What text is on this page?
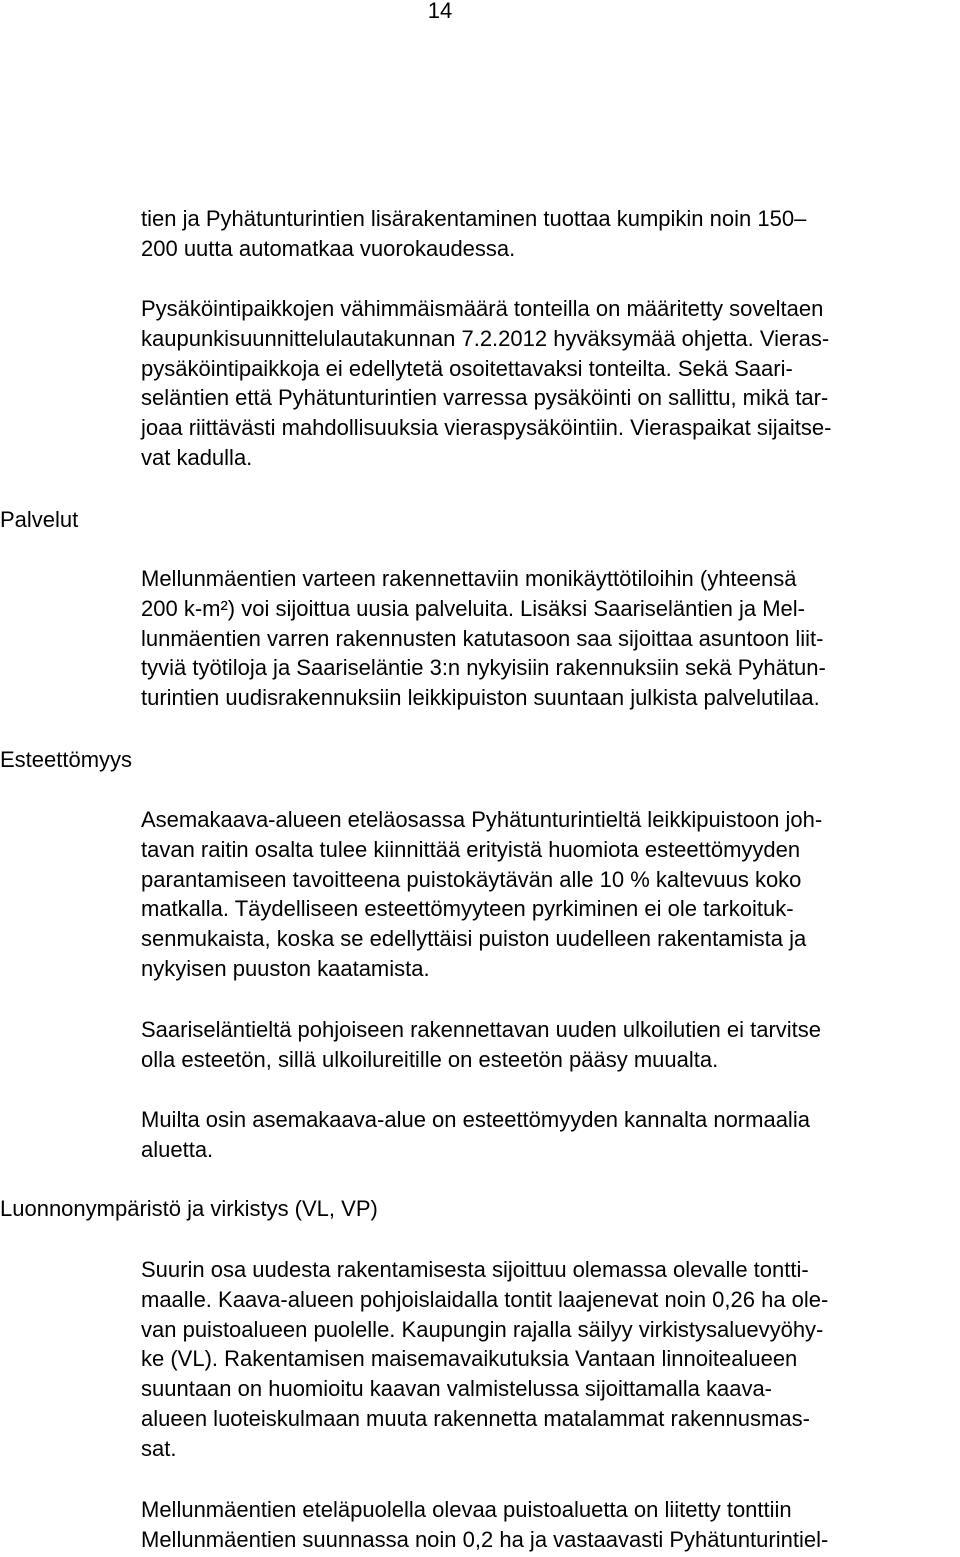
14
tien ja Pyhätunturintien lisärakentaminen tuottaa kumpikin noin 150–
200 uutta automatkaa vuorokaudessa.
Pysäköintipaikkojen vähimmäismäärä tonteilla on määritetty soveltaen
kaupunkisuunnittelulautakunnan 7.2.2012 hyväksymää ohjetta. Vieras-
pysäköintipaikkoja ei edellytetä osoitettavaksi tonteilta. Sekä Saari-
seläntien että Pyhätunturintien varressa pysäköinti on sallittu, mikä tar-
joaa riittävästi mahdollisuuksia vieraspysäköintiin. Vieraspaikat sijaitse-
vat kadulla.
Palvelut
Mellunmäentien varteen rakennettaviin monikäyttötiloihin (yhteensä
200 k-m²) voi sijoittua uusia palveluita. Lisäksi Saariseläntien ja Mel-
lunmäentien varren rakennusten katutasoon saa sijoittaa asuntoon liit-
tyviä työtiloja ja Saariseläntie 3:n nykyisiin rakennuksiin sekä Pyhätun-
turintien uudisrakennuksiin leikkipuiston suuntaan julkista palvelutilaa.
Esteettömyys
Asemakaava-alueen eteläosassa Pyhätunturintieltä leikkipuistoon joh-
tavan raitin osalta tulee kiinnittää erityistä huomiota esteettömyyden
parantamiseen tavoitteena puistokäytävän alle 10 % kaltevuus koko
matkalla. Täydelliseen esteettömyyteen pyrkiminen ei ole tarkoituk-
senmukaista, koska se edellyttäisi puiston uudelleen rakentamista ja
nykyisen puuston kaatamista.
Saariseläntieltä pohjoiseen rakennettavan uuden ulkoilutien ei tarvitse
olla esteetön, sillä ulkoilureitille on esteetön pääsy muualta.
Muilta osin asemakaava-alue on esteettömyyden kannalta normaalia
aluetta.
Luonnonympäristö ja virkistys (VL, VP)
Suurin osa uudesta rakentamisesta sijoittuu olemassa olevalle tontti-
maalle. Kaava-alueen pohjoislaidalla tontit laajenevat noin 0,26 ha ole-
van puistoalueen puolelle. Kaupungin rajalla säilyy virkistysaluevyöhy-
ke (VL). Rakentamisen maisemavaikutuksia Vantaan linnoitealueen
suuntaan on huomioitu kaavan valmistelussa sijoittamalla kaava-
alueen luoteiskulmaan muuta rakennetta matalammat rakennusmas-
sat.
Mellunmäentien eteläpuolella olevaa puistoaluetta on liitetty tonttiin
Mellunmäentien suunnassa noin 0,2 ha ja vastaavasti Pyhätunturintiel-
